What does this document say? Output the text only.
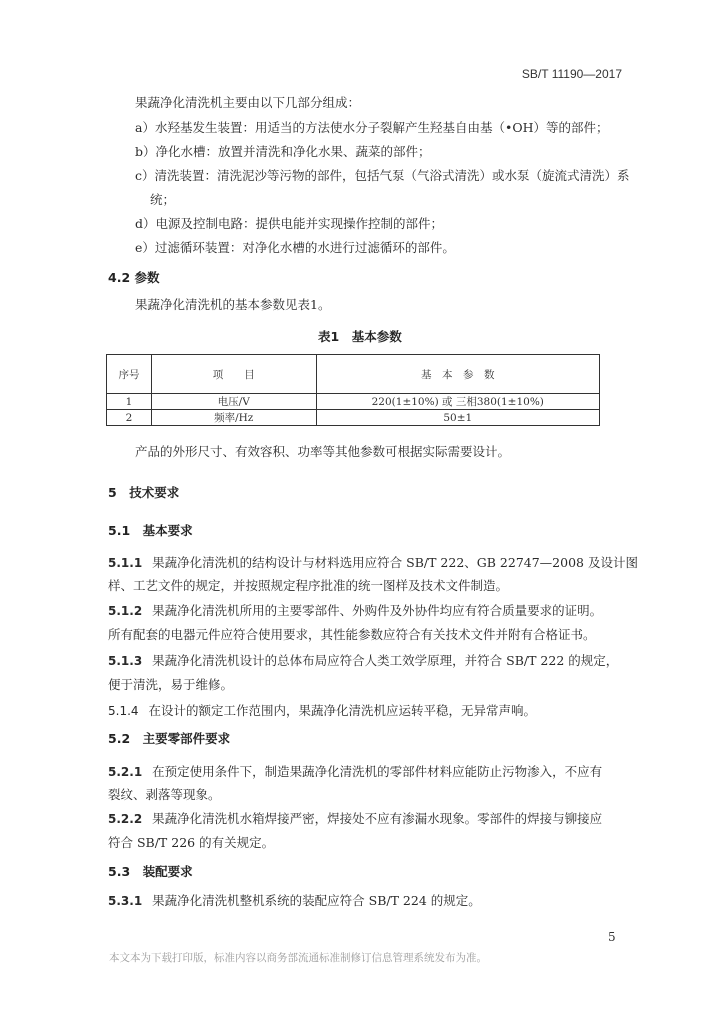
SB/T 11190—2017
果蔬净化清洗机主要由以下几部分组成：
a）水羟基发生装置：用适当的方法使水分子裂解产生羟基自由基（•OH）等的部件；
b）净化水槽：放置并清洗和净化水果、蔬菜的部件；
c）清洗装置：清洗泥沙等污物的部件，包括气泵（气浴式清洗）或水泵（旋流式清洗）系
统；
d）电源及控制电路：提供电能并实现操作控制的部件；
e）过滤循环装置：对净化水槽的水进行过滤循环的部件。
4.2 参数
果蔬净化清洗机的基本参数见表1。
表1　基本参数
序号	项　　目	基　本　参　数
1	电压/V	220(1±10%) 或 三相380(1±10%)
2	频率/Hz	50±1
产品的外形尺寸、有效容积、功率等其他参数可根据实际需要设计。
5　技术要求
5.1　基本要求
5.1.1 果蔬净化清洗机的结构设计与材料选用应符合 SB/T 222、GB 22747—2008 及设计图
样、工艺文件的规定，并按照规定程序批准的统一图样及技术文件制造。
5.1.2 果蔬净化清洗机所用的主要零部件、外购件及外协件均应有符合质量要求的证明。
所有配套的电器元件应符合使用要求，其性能参数应符合有关技术文件并附有合格证书。
5.1.3 果蔬净化清洗机设计的总体布局应符合人类工效学原理，并符合 SB/T 222 的规定，
便于清洗，易于维修。
5.1.4 在设计的额定工作范围内，果蔬净化清洗机应运转平稳，无异常声响。
5.2　主要零部件要求
5.2.1 在预定使用条件下，制造果蔬净化清洗机的零部件材料应能防止污物渗入，不应有
裂纹、剥落等现象。
5.2.2 果蔬净化清洗机水箱焊接严密，焊接处不应有渗漏水现象。零部件的焊接与铆接应
符合 SB/T 226 的有关规定。
5.3　装配要求
5.3.1 果蔬净化清洗机整机系统的装配应符合 SB/T 224 的规定。
5
本文本为下载打印版，标准内容以商务部流通标准制修订信息管理系统发布为准。
